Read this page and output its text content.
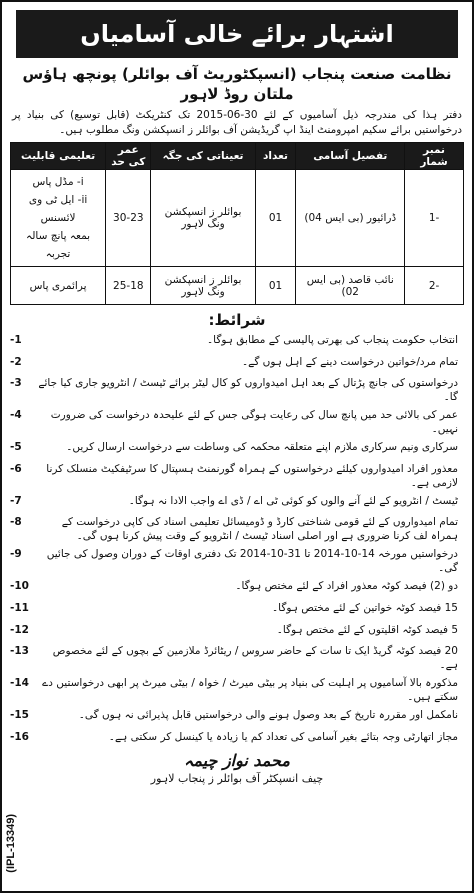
اشتہار برائے خالی آسامیاں
نظامت صنعت پنجاب (انسپکٹوریٹ آف بوائلر) پونچھ ہاؤس ملتان روڈ لاہور

دفتر ہذا کی مندرجہ ذیل آسامیوں کے لئے 30-06-2015 تک کنٹریکٹ (قابل توسیع) کی بنیاد پر درخواستیں برائے سکیم امپرومنٹ اینڈ اپ گریڈیشن آف بوائلر ز انسپکشن ونگ مطلوب ہیں۔

نمبر شمار	تفصیل آسامی	تعداد	تعیناتی کی جگہ	عمر کی حد	تعلیمی قابلیت
-1	ڈرائیور (بی ایس 04)	01	بوائلر ز انسپکشن ونگ لاہور	30-23	i- مڈل پاس
ii- ایل ٹی وی لائسنس
بمعہ پانچ سالہ تجربہ

-2	نائب قاصد (بی ایس 02)	01	بوائلر ز انسپکشن ونگ لاہور	25-18	پرائمری پاس
شرائط:
انتخاب حکومت پنجاب کی بھرتی پالیسی کے مطابق ہوگا۔
-1
تمام مرد/خواتین درخواست دینے کے اہل ہوں گے۔
-2
درخواستوں کی جانچ پڑتال کے بعد اہل امیدواروں کو کال لیٹر برائے ٹیسٹ / انٹرویو جاری کیا جائے گا۔
-3
عمر کی بالائی حد میں پانچ سال کی رعایت ہوگی جس کے لئے علیحدہ درخواست کی ضرورت نہیں۔
-4
سرکاری ونیم سرکاری ملازم اپنے متعلقہ محکمہ کی وساطت سے درخواست ارسال کریں۔
-5
معذور افراد امیدواروں کیلئے درخواستوں کے ہمراہ گورنمنٹ ہسپتال کا سرٹیفکیٹ منسلک کرنا لازمی ہے۔
-6
ٹیسٹ / انٹرویو کے لئے آنے والوں کو کوئی ٹی اے / ڈی اے واجب الادا نہ ہوگا۔
-7
تمام امیدواروں کے لئے قومی شناختی کارڈ و ڈومیسائل تعلیمی اسناد کی کاپی درخواست کے ہمراہ لف کرنا ضروری ہے اور اصلی اسناد ٹیسٹ / انٹرویو کے وقت پیش کرنا ہوں گی۔
-8
درخواستیں مورخہ 14-10-2014 تا 31-10-2014 تک دفتری اوقات کے دوران وصول کی جائیں گی۔
-9
دو (2) فیصد کوٹہ معذور افراد کے لئے مختص ہوگا۔
-10
15 فیصد کوٹہ خواتین کے لئے مختص ہوگا۔
-11
5 فیصد کوٹہ اقلیتوں کے لئے مختص ہوگا۔
-12
20 فیصد کوٹہ گریڈ ایک تا سات کے حاضر سروس / ریٹائرڈ ملازمین کے بچوں کے لئے مخصوص ہے۔
-13
مذکورہ بالا آسامیوں پر اہلیت کی بنیاد پر بیٹی میرٹ / خواہ / بیٹی میرٹ پر ابھی درخواستیں دے سکتے ہیں۔
-14
نامکمل اور مقررہ تاریخ کے بعد وصول ہونے والی درخواستیں قابل پذیرائی نہ ہوں گی۔
-15
مجاز اتھارٹی وجہ بتائے بغیر آسامی کی تعداد کم یا زیادہ یا کینسل کر سکتی ہے۔
-16
محمد نواز چیمہ
چیف انسپکٹر آف بوائلر ز پنجاب لاہور
(IPL-13349)
